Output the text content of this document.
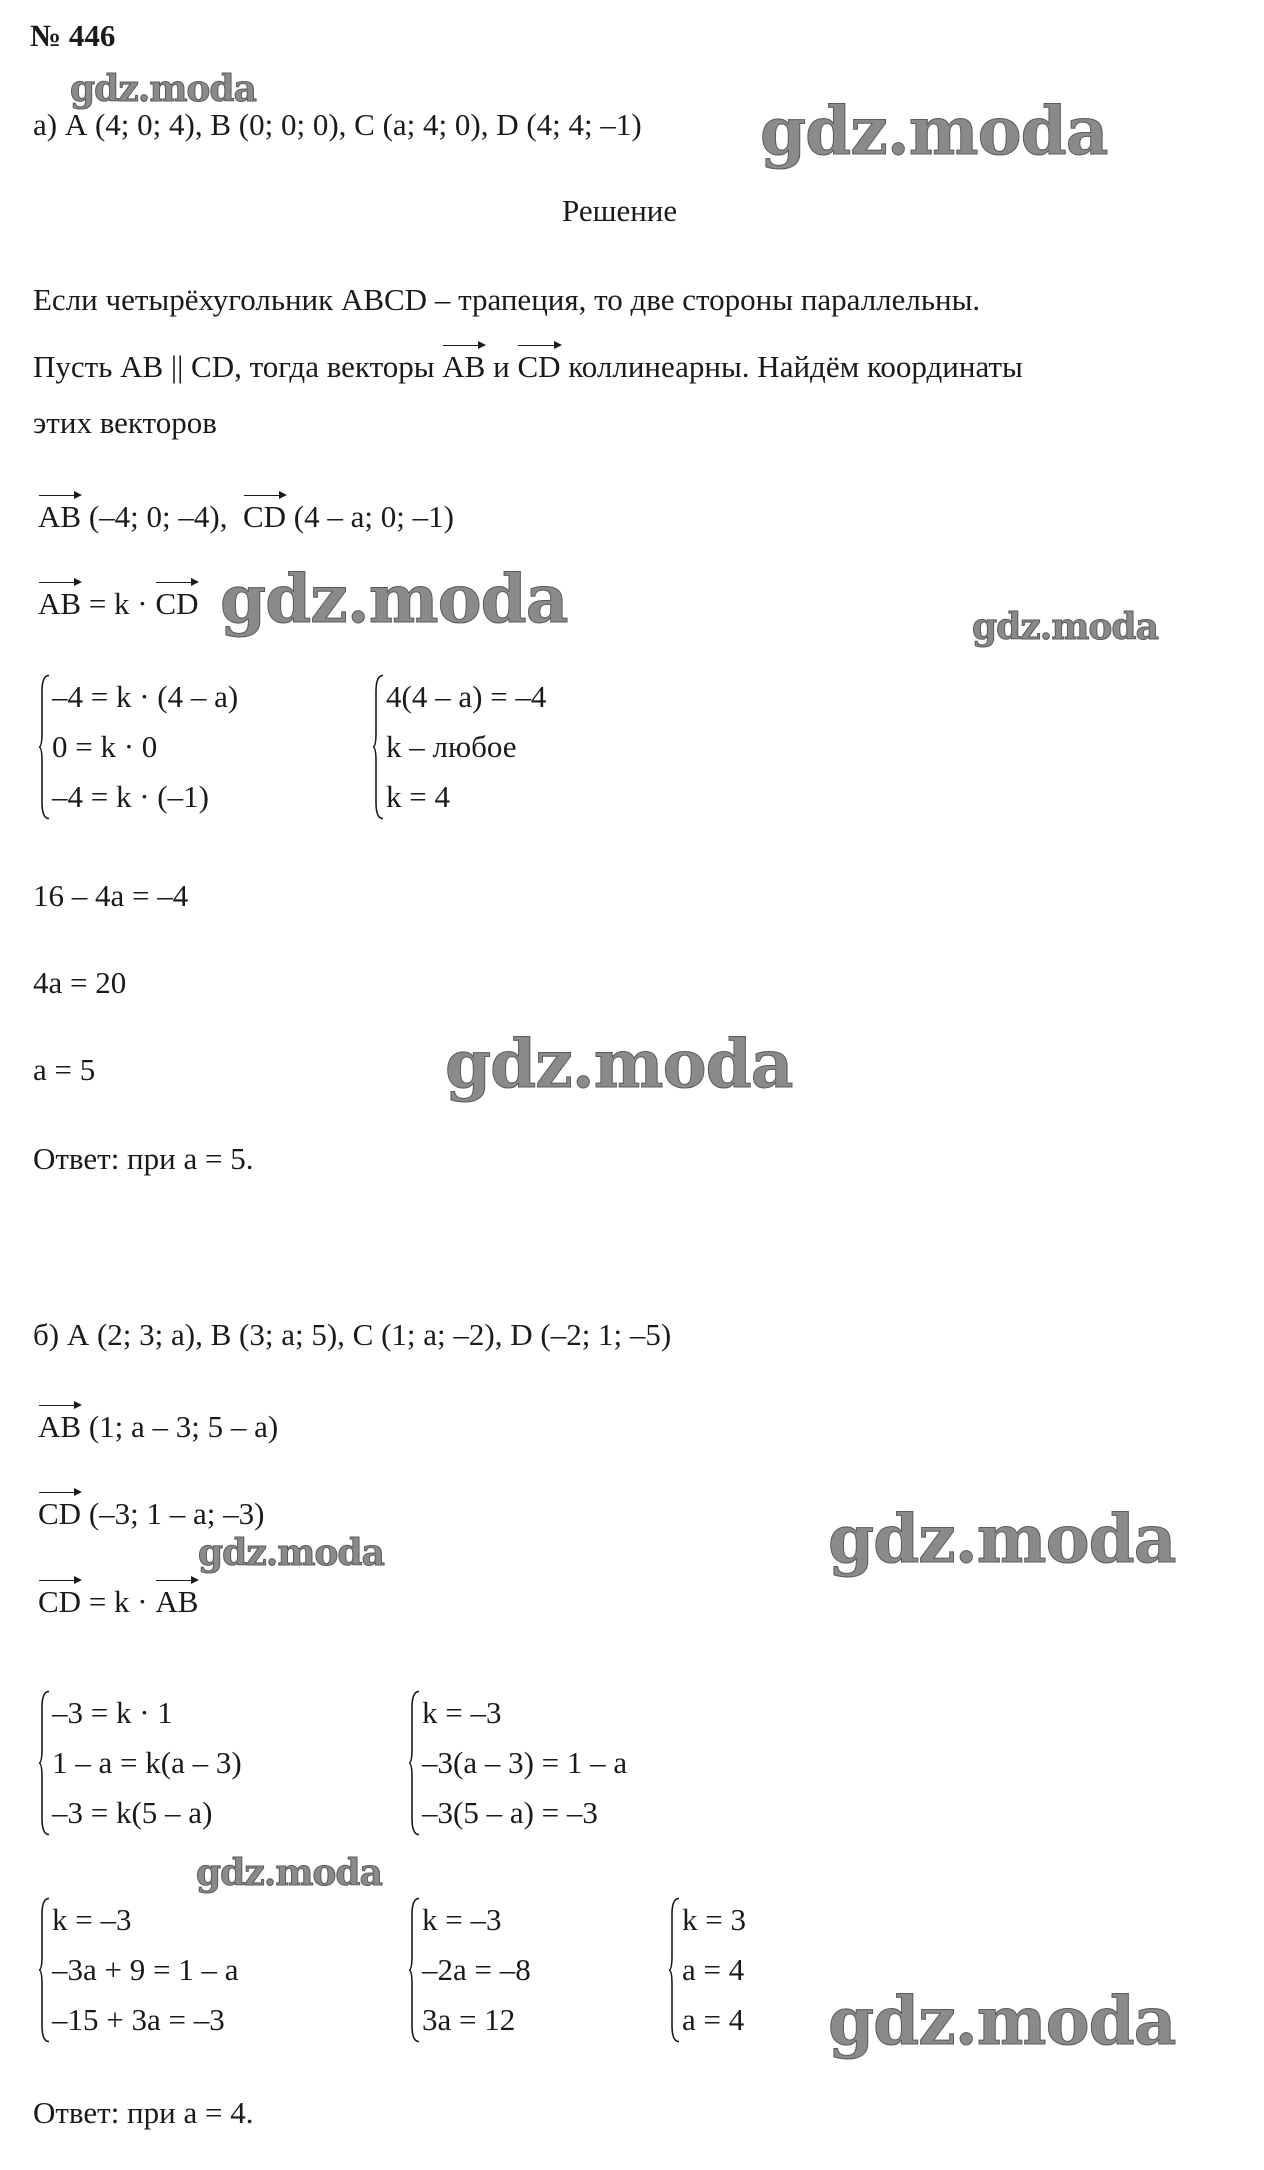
№ 446
gdz.moda
gdz.moda
gdz.moda	gdz.moda
gdz.moda
gdz.moda
gdz.moda
gdz.moda
gdz.moda
а) А (4; 0; 4), В (0; 0; 0), С (a; 4; 0), D (4; 4; –1)
Решение
Если четырёхугольник ABCD – трапеция, то две стороны параллельны.
Пусть AB || CD, тогда векторы AB и CD коллинеарны. Найдём координаты
этих векторов
AB (–4; 0; –4), CD (4 – a; 0; –1)
AB = k · CD
–4 = k · (4 – a)
0 = k · 0
–4 = k · (–1)
4(4 – a) = –4
k – любое
k = 4
16 – 4a = –4
4a = 20
a = 5
Ответ: при a = 5.
б) А (2; 3; a), В (3; a; 5), С (1; a; –2), D (–2; 1; –5)
AB (1; a – 3; 5 – a)
CD (–3; 1 – a; –3)
CD = k · AB
–3 = k · 1
1 – a = k(a – 3)
–3 = k(5 – a)
k = –3
–3(a – 3) = 1 – a
–3(5 – a) = –3
k = –3
–3a + 9 = 1 – a
–15 + 3a = –3
k = –3
–2a = –8
3a = 12
k = 3
a = 4
a = 4
Ответ: при a = 4.
